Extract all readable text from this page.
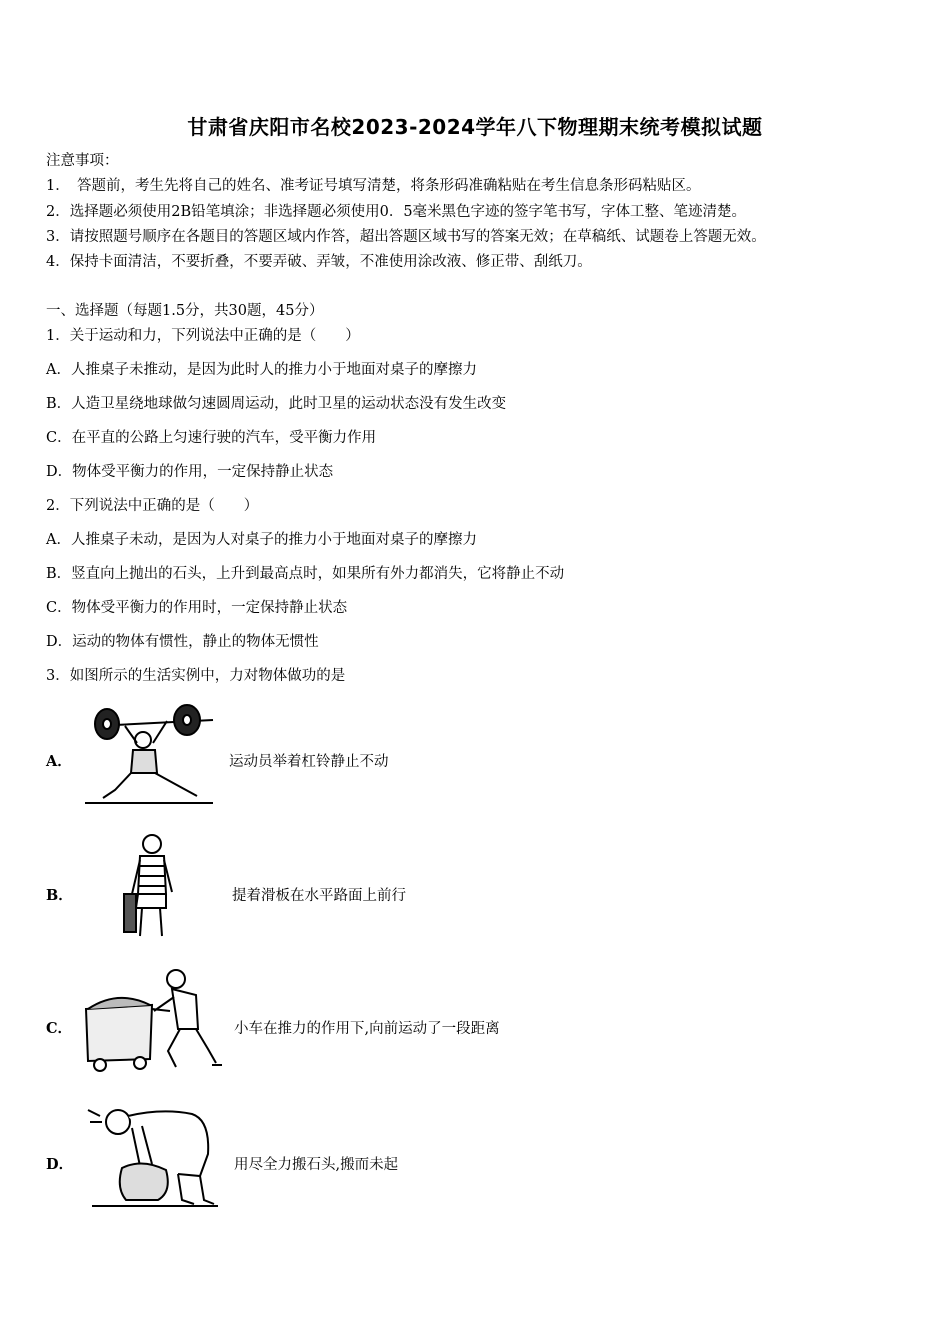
甘肃省庆阳市名校2023-2024学年八下物理期末统考模拟试题
注意事项：
1．　答题前，考生先将自己的姓名、准考证号填写清楚，将条形码准确粘贴在考生信息条形码粘贴区。
2．选择题必须使用2B铅笔填涂；非选择题必须使用0．5毫米黑色字迹的签字笔书写，字体工整、笔迹清楚。
3．请按照题号顺序在各题目的答题区域内作答，超出答题区域书写的答案无效；在草稿纸、试题卷上答题无效。
4．保持卡面清洁，不要折叠，不要弄破、弄皱，不准使用涂改液、修正带、刮纸刀。
一、选择题（每题1.5分，共30题，45分）
1．关于运动和力，下列说法中正确的是（　　）
A．人推桌子未推动，是因为此时人的推力小于地面对桌子的摩擦力
B．人造卫星绕地球做匀速圆周运动，此时卫星的运动状态没有发生改变
C．在平直的公路上匀速行驶的汽车，受平衡力作用
D．物体受平衡力的作用，一定保持静止状态
2．下列说法中正确的是（　　）
A．人推桌子未动，是因为人对桌子的推力小于地面对桌子的摩擦力
B．竖直向上抛出的石头，上升到最高点时，如果所有外力都消失，它将静止不动
C．物体受平衡力的作用时，一定保持静止状态
D．运动的物体有惯性，静止的物体无惯性
3．如图所示的生活实例中，力对物体做功的是
A．	运动员举着杠铃静止不动
B．	提着滑板在水平路面上前行
C．	小车在推力的作用下,向前运动了一段距离
D．	用尽全力搬石头,搬而未起
